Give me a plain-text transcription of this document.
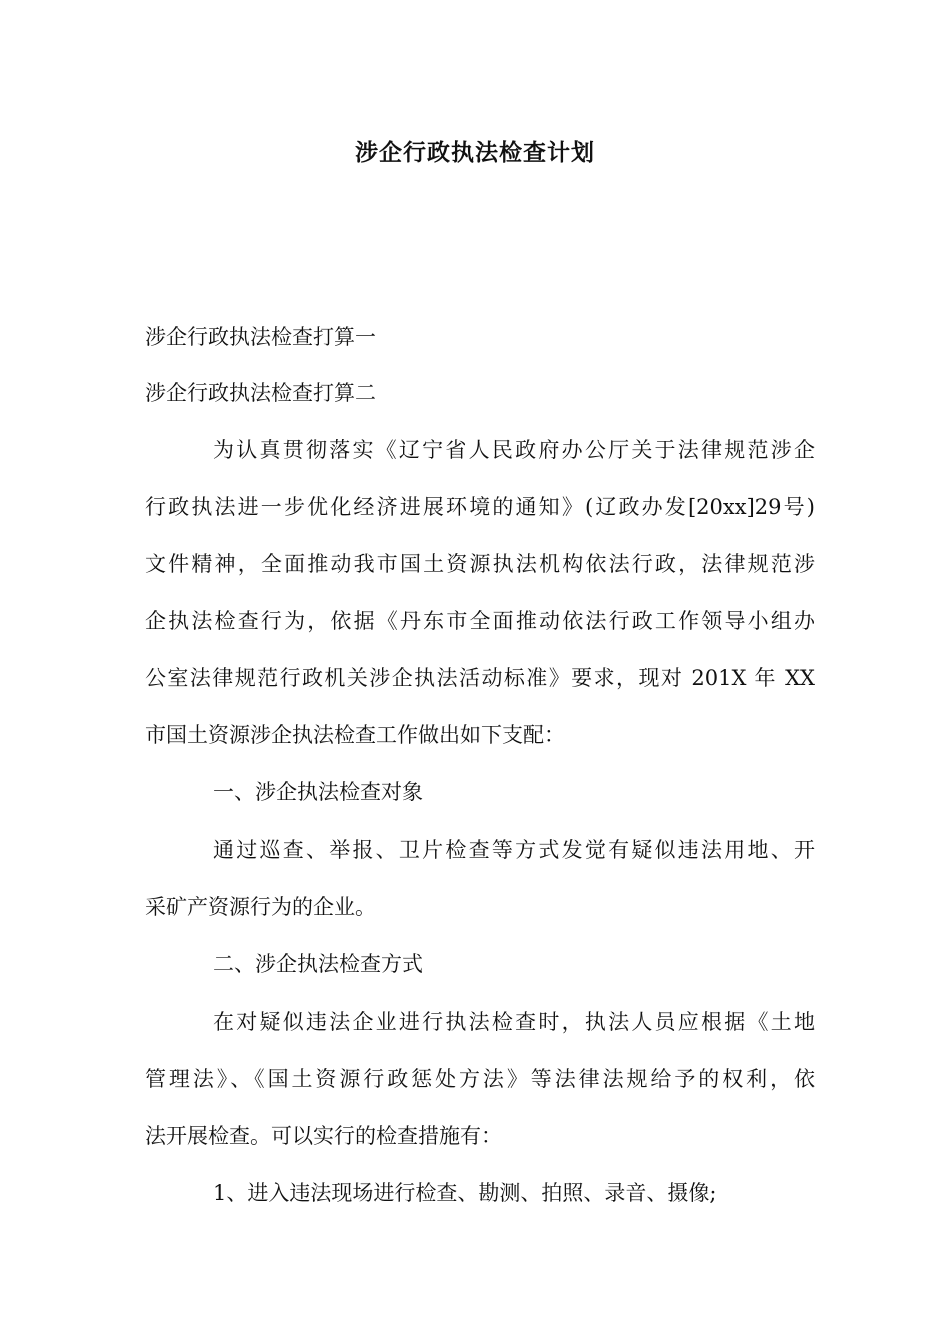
涉企行政执法检查计划
涉企行政执法检查打算一
涉企行政执法检查打算二
为认真贯彻落实《辽宁省人民政府办公厅关于法律规范涉企
行政执法进一步优化经济进展环境的通知》(辽政办发[20xx]29号)
文件精神，全面推动我市国土资源执法机构依法行政，法律规范涉
企执法检查行为，依据《丹东市全面推动依法行政工作领导小组办
公室法律规范行政机关涉企执法活动标准》要求，现对 201X 年 XX
市国土资源涉企执法检查工作做出如下支配：
一、涉企执法检查对象
通过巡查、举报、卫片检查等方式发觉有疑似违法用地、开
采矿产资源行为的企业。
二、涉企执法检查方式
在对疑似违法企业进行执法检查时，执法人员应根据《土地
管理法》、《国土资源行政惩处方法》等法律法规给予的权利，依
法开展检查。可以实行的检查措施有：
1、进入违法现场进行检查、勘测、拍照、录音、摄像;
